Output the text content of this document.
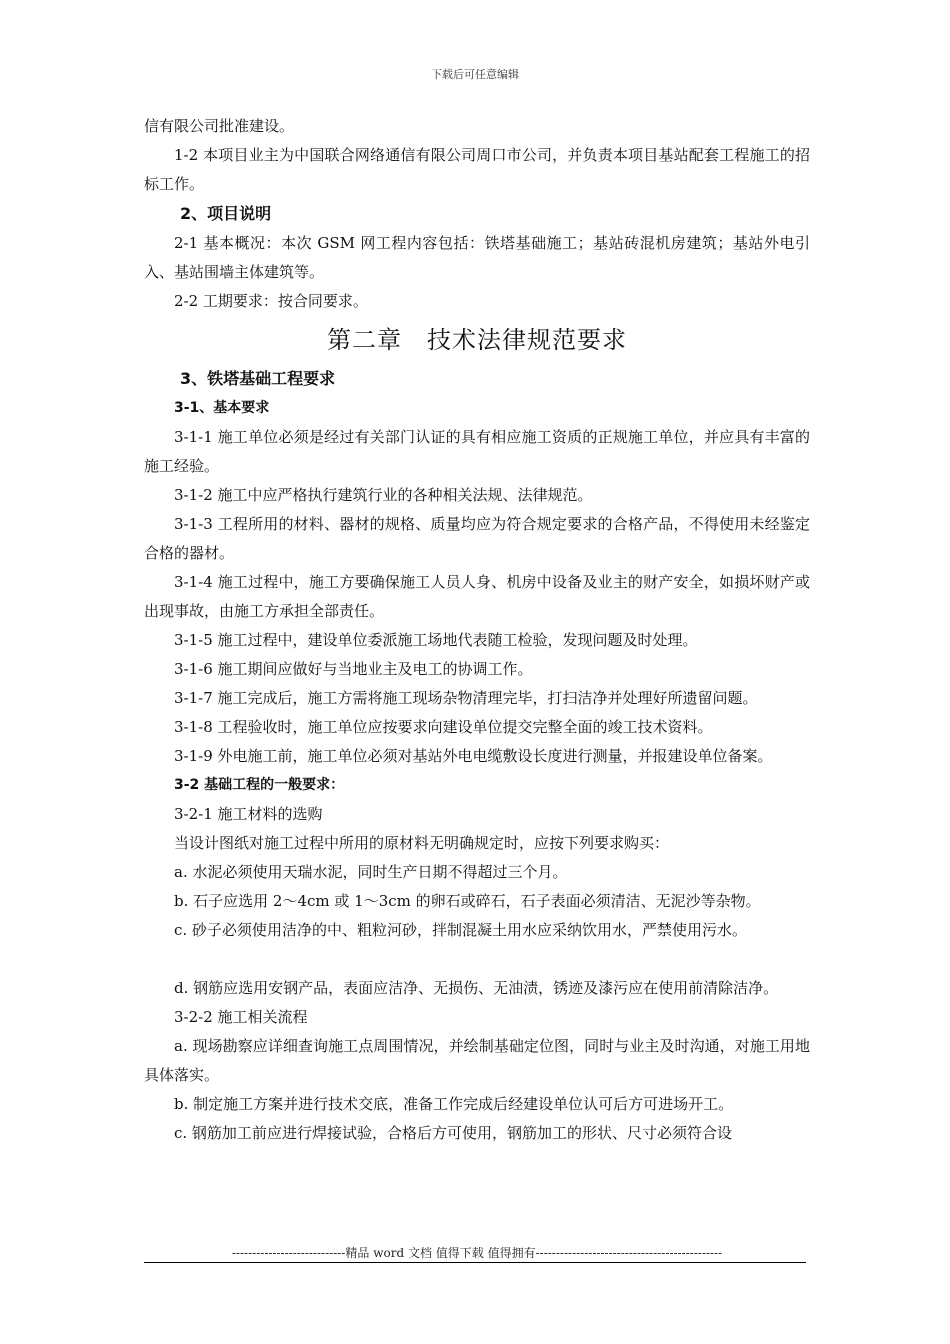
下载后可任意编辑

信有限公司批准建设。

1-2 本项目业主为中国联合网络通信有限公司周口市公司，并负责本项目基站配套工程施工的招标工作。

2、项目说明

2-1 基本概况：本次 GSM 网工程内容包括：铁塔基础施工；基站砖混机房建筑；基站外电引入、基站围墙主体建筑等。

2-2 工期要求：按合同要求。

第二章　技术法律规范要求

3、铁塔基础工程要求

3-1、基本要求

3-1-1 施工单位必须是经过有关部门认证的具有相应施工资质的正规施工单位，并应具有丰富的施工经验。

3-1-2 施工中应严格执行建筑行业的各种相关法规、法律规范。

3-1-3 工程所用的材料、器材的规格、质量均应为符合规定要求的合格产品，不得使用未经鉴定合格的器材。

3-1-4 施工过程中，施工方要确保施工人员人身、机房中设备及业主的财产安全，如损坏财产或出现事故，由施工方承担全部责任。

3-1-5 施工过程中，建设单位委派施工场地代表随工检验，发现问题及时处理。

3-1-6 施工期间应做好与当地业主及电工的协调工作。

3-1-7 施工完成后，施工方需将施工现场杂物清理完毕，打扫洁净并处理好所遗留问题。

3-1-8 工程验收时，施工单位应按要求向建设单位提交完整全面的竣工技术资料。

3-1-9 外电施工前，施工单位必须对基站外电电缆敷设长度进行测量，并报建设单位备案。

3-2 基础工程的一般要求：

3-2-1 施工材料的选购

当设计图纸对施工过程中所用的原材料无明确规定时，应按下列要求购买：

a. 水泥必须使用天瑞水泥，同时生产日期不得超过三个月。

b. 石子应选用 2～4cm 或 1～3cm 的卵石或碎石，石子表面必须清洁、无泥沙等杂物。

c. 砂子必须使用洁净的中、粗粒河砂，拌制混凝土用水应采纳饮用水，严禁使用污水。

d. 钢筋应选用安钢产品，表面应洁净、无损伤、无油渍，锈迹及漆污应在使用前清除洁净。

3-2-2 施工相关流程

a. 现场勘察应详细查询施工点周围情况，并绘制基础定位图，同时与业主及时沟通，对施工用地具体落实。

b. 制定施工方案并进行技术交底，准备工作完成后经建设单位认可后方可进场开工。

c. 钢筋加工前应进行焊接试验，合格后方可使用，钢筋加工的形状、尺寸必须符合设

----------------------------精品 word 文档 值得下载 值得拥有----------------------------------------------
